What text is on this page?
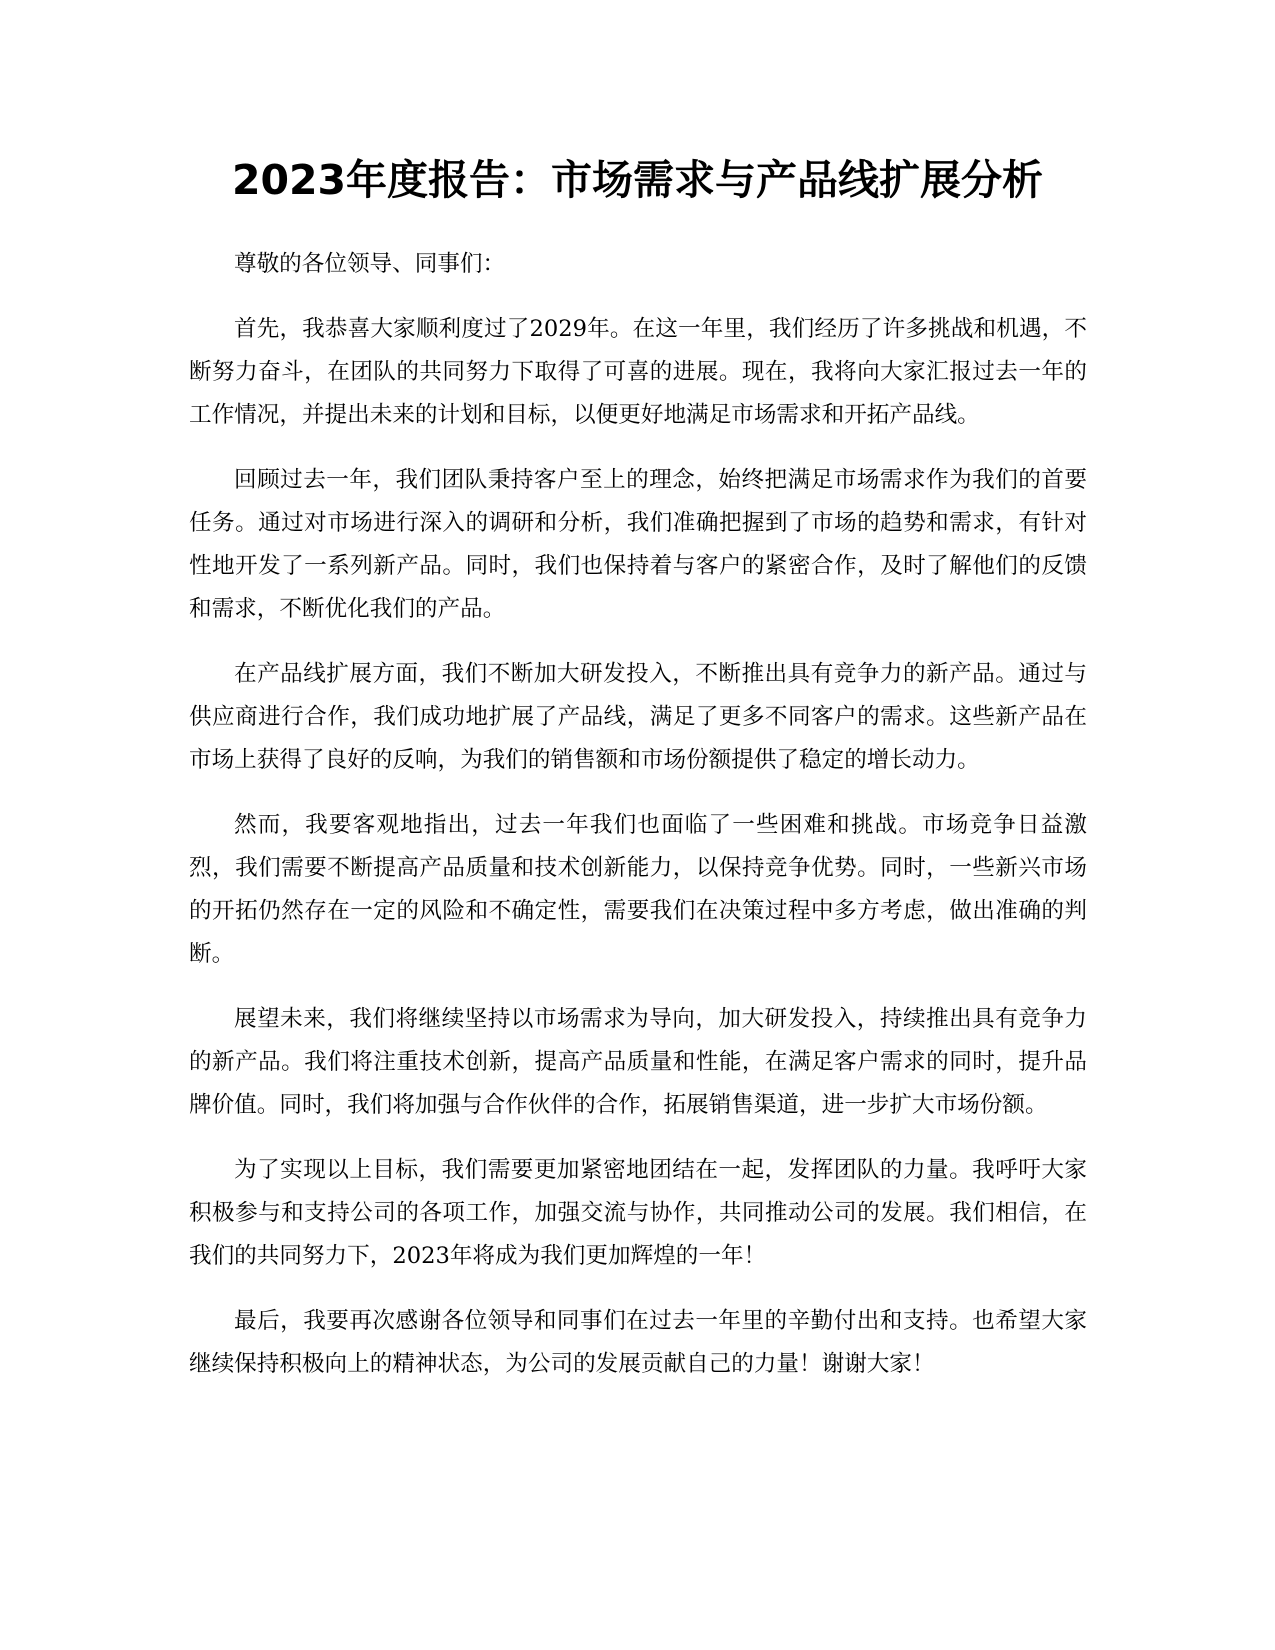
2023年度报告：市场需求与产品线扩展分析

尊敬的各位领导、同事们：

首先，我恭喜大家顺利度过了2029年。在这一年里，我们经历了许多挑战和机遇，不断努力奋斗，在团队的共同努力下取得了可喜的进展。现在，我将向大家汇报过去一年的工作情况，并提出未来的计划和目标，以便更好地满足市场需求和开拓产品线。

回顾过去一年，我们团队秉持客户至上的理念，始终把满足市场需求作为我们的首要任务。通过对市场进行深入的调研和分析，我们准确把握到了市场的趋势和需求，有针对性地开发了一系列新产品。同时，我们也保持着与客户的紧密合作，及时了解他们的反馈和需求，不断优化我们的产品。

在产品线扩展方面，我们不断加大研发投入，不断推出具有竞争力的新产品。通过与供应商进行合作，我们成功地扩展了产品线，满足了更多不同客户的需求。这些新产品在市场上获得了良好的反响，为我们的销售额和市场份额提供了稳定的增长动力。

然而，我要客观地指出，过去一年我们也面临了一些困难和挑战。市场竞争日益激烈，我们需要不断提高产品质量和技术创新能力，以保持竞争优势。同时，一些新兴市场的开拓仍然存在一定的风险和不确定性，需要我们在决策过程中多方考虑，做出准确的判断。

展望未来，我们将继续坚持以市场需求为导向，加大研发投入，持续推出具有竞争力的新产品。我们将注重技术创新，提高产品质量和性能，在满足客户需求的同时，提升品牌价值。同时，我们将加强与合作伙伴的合作，拓展销售渠道，进一步扩大市场份额。

为了实现以上目标，我们需要更加紧密地团结在一起，发挥团队的力量。我呼吁大家积极参与和支持公司的各项工作，加强交流与协作，共同推动公司的发展。我们相信，在我们的共同努力下，2023年将成为我们更加辉煌的一年！

最后，我要再次感谢各位领导和同事们在过去一年里的辛勤付出和支持。也希望大家继续保持积极向上的精神状态，为公司的发展贡献自己的力量！谢谢大家！
